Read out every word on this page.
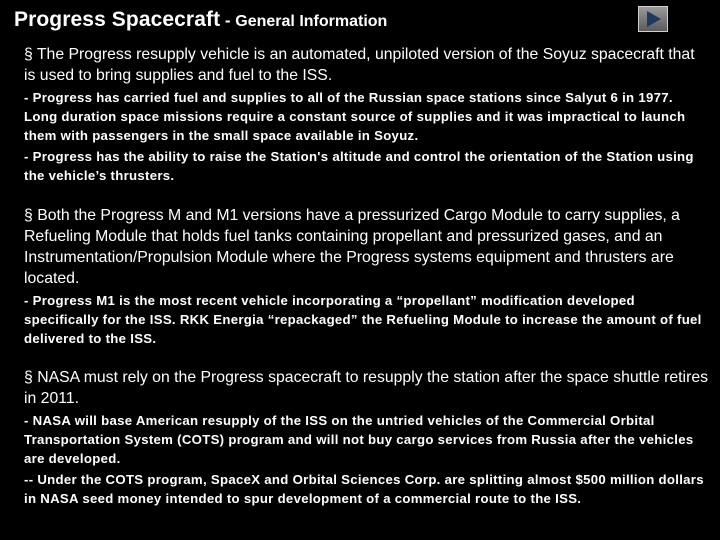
Progress Spacecraft - General Information

§ The Progress resupply vehicle is an automated, unpiloted version of the Soyuz spacecraft that is used to bring supplies and fuel to the ISS.

- Progress has carried fuel and supplies to all of the Russian space stations since Salyut 6 in 1977. Long duration space missions require a constant source of supplies and it was impractical to launch them with passengers in the small space available in Soyuz.

- Progress has the ability to raise the Station's altitude and control the orientation of the Station using the vehicle’s thrusters.

§ Both the Progress M and M1 versions have a pressurized Cargo Module to carry supplies, a Refueling Module that holds fuel tanks containing propellant and pressurized gases, and an Instrumentation/Propulsion Module where the Progress systems equipment and thrusters are located.

- Progress M1 is the most recent vehicle incorporating a “propellant” modification developed specifically for the ISS. RKK Energia “repackaged” the Refueling Module to increase the amount of fuel delivered to the ISS.

§ NASA must rely on the Progress spacecraft to resupply the station after the space shuttle retires in 2011.

- NASA will base American resupply of the ISS on the untried vehicles of the Commercial Orbital Transportation System (COTS) program and will not buy cargo services from Russia after the vehicles are developed.

-- Under the COTS program, SpaceX and Orbital Sciences Corp. are splitting almost $500 million dollars in NASA seed money intended to spur development of a commercial route to the ISS.
